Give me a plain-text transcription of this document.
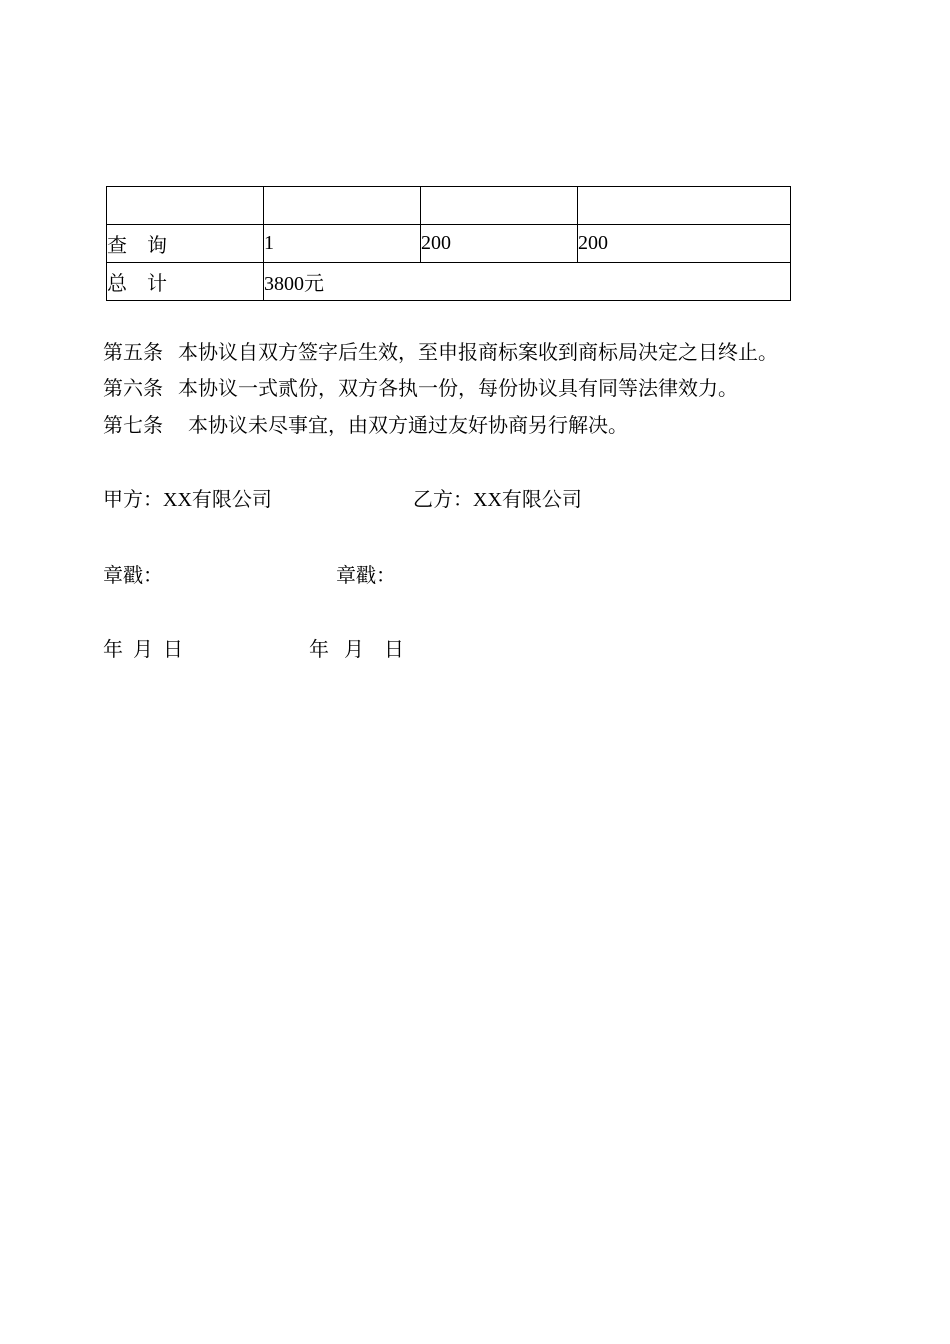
查　询	1	200	200
总　计	3800元		
第五条 本协议自双方签字后生效，至申报商标案收到商标局决定之日终止。
第六条 本协议一式贰份，双方各执一份，每份协议具有同等法律效力。
第七条 本协议未尽事宜，由双方通过友好协商另行解决。
甲方：XX有限公司	乙方：XX有限公司
章戳：	章戳：
年  月  日	年   月    日
